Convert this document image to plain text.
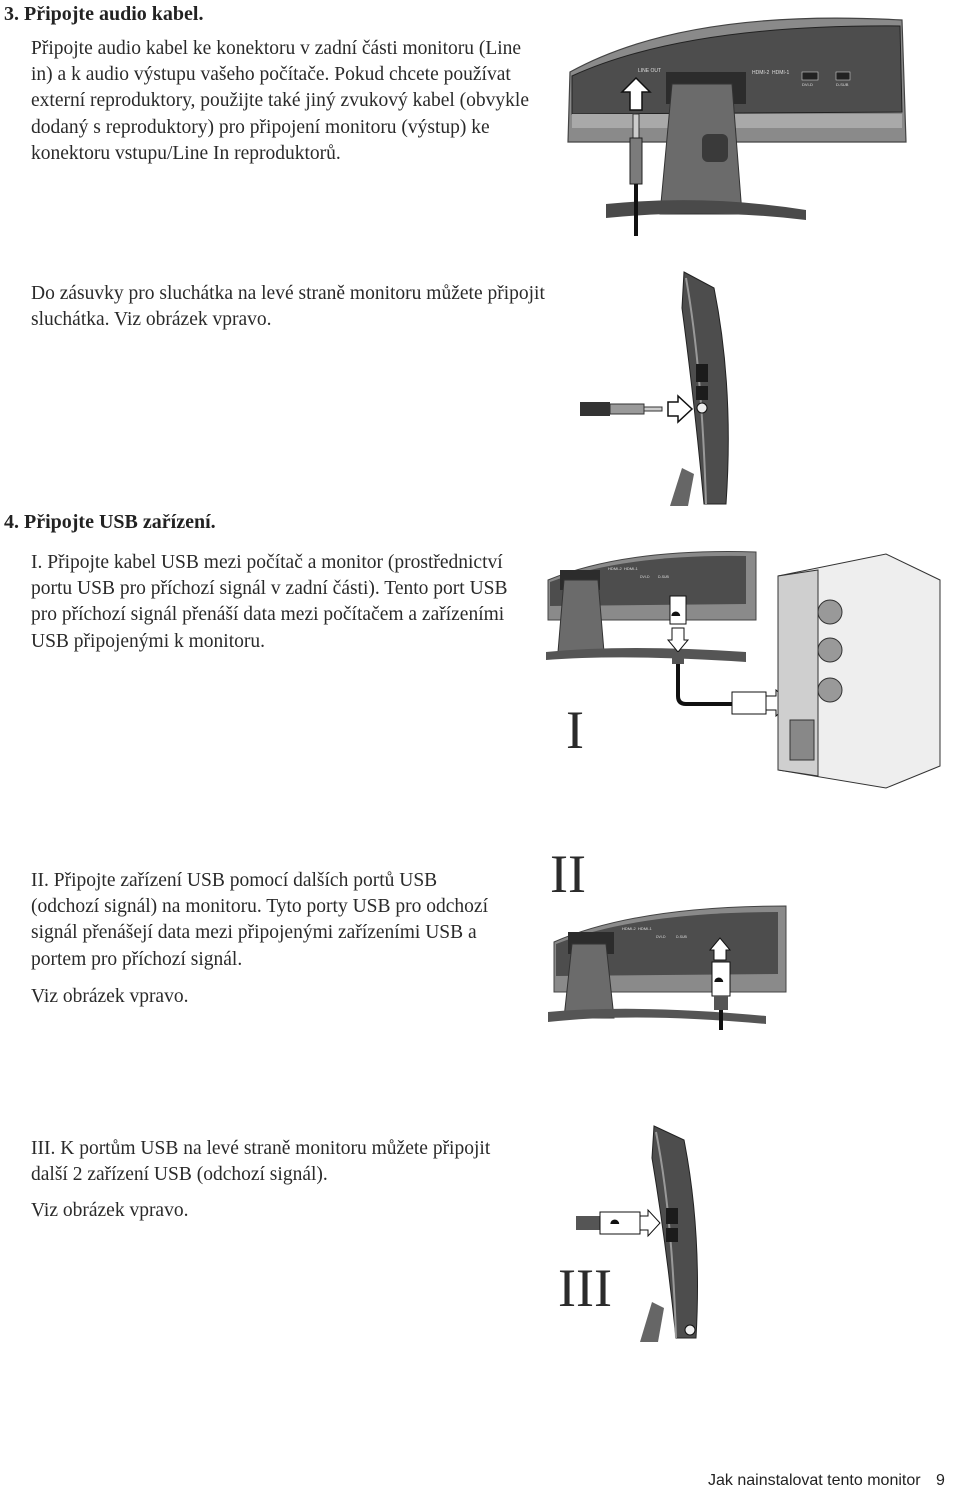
3. Připojte audio kabel.

Připojte audio kabel ke konektoru v zadní části monitoru (Line in) a k audio výstupu vašeho počítače. Pokud chcete používat externí reproduktory, použijte také jiný zvukový kabel (obvykle dodaný s reproduktory) pro připojení monitoru (výstup) ke konektoru vstupu/Line In reproduktorů.

Do zásuvky pro sluchátka na levé straně monitoru můžete připojit sluchátka. Viz obrázek vpravo.

LINE OUT	HDMI-2 HDMI-1
DVI-D	D-SUB
4. Připojte USB zařízení.

I. Připojte kabel USB mezi počítač a monitor (prostřednictví portu USB pro příchozí signál v zadní části). Tento port USB pro příchozí signál přenáší data mezi počítačem a zařízeními USB připojenými k monitoru.

HDMI-2 HDMI-1
DVI-D D-SUB
⯊
I

II. Připojte zařízení USB pomocí dalších portů USB (odchozí signál) na monitoru. Tyto porty USB pro odchozí signál přenášejí data mezi připojenými zařízeními USB a portem pro příchozí signál.

Viz obrázek vpravo.

II
HDMI-2 HDMI-1
DVI-D	D-SUB
⯊

III. K portům USB na levé straně monitoru můžete připojit další 2 zařízení USB (odchozí signál).

Viz obrázek vpravo.

⯊
III
Jak nainstalovat tento monitor 9
